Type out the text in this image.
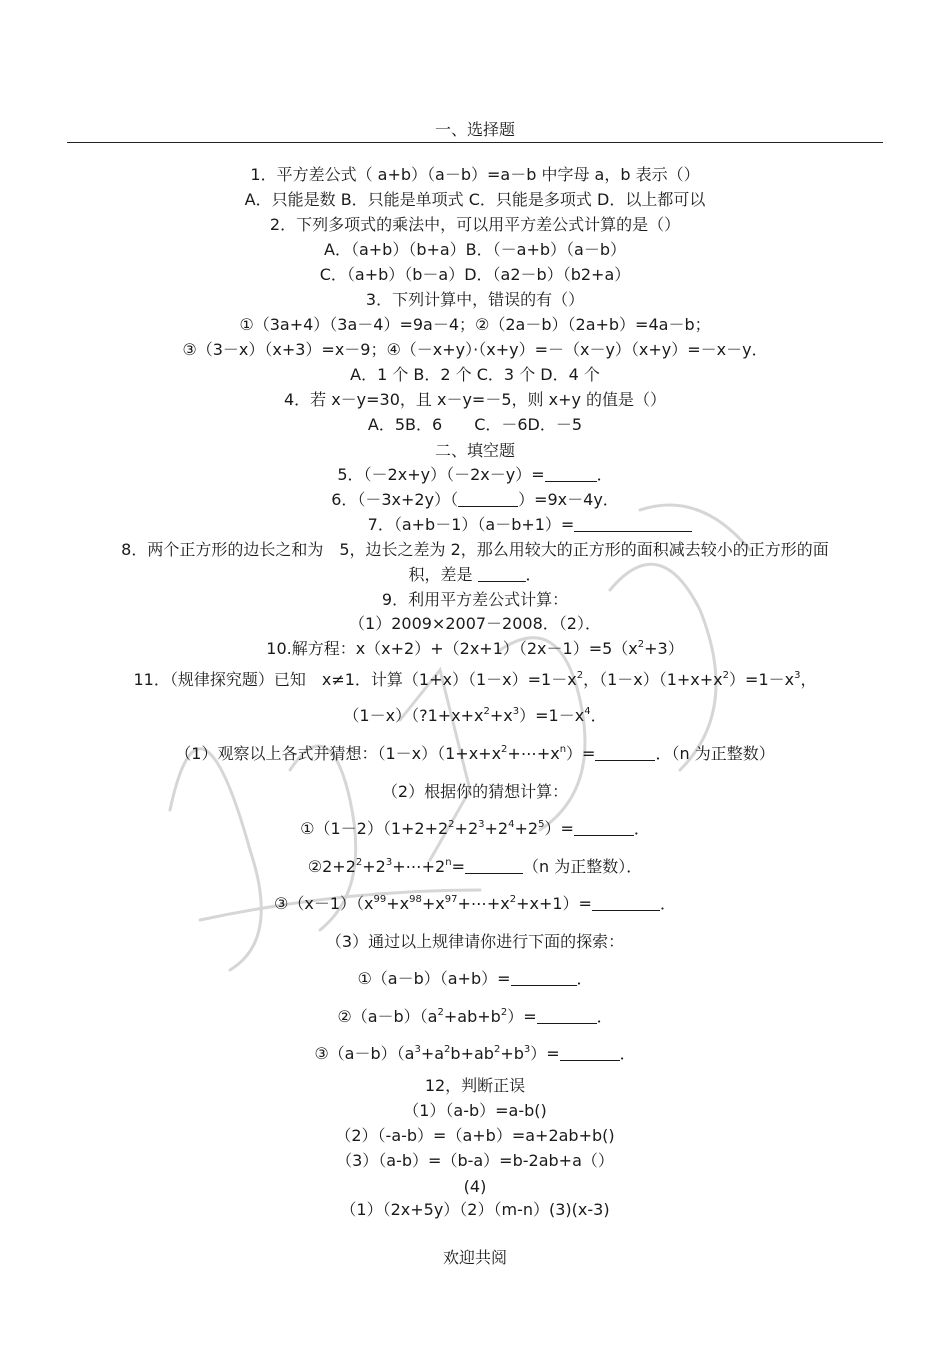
一、选择题
1．平方差公式（ a+b）（a－b）=a－b 中字母 a，b 表示（）
A．只能是数 B．只能是单项式 C．只能是多项式 D．以上都可以
2．下列多项式的乘法中，可以用平方差公式计算的是（）
A．（a+b）（b+a）B．（－a+b）（a－b）
C．（a+b）（b－a）D．（a2－b）（b2+a）
3．下列计算中，错误的有（）
①（3a+4）（3a－4）=9a－4；②（2a－b）（2a+b）=4a－b；
③（3－x）（x+3）=x－9；④（－x+y）·（x+y）=－（x－y）（x+y）=－x－y．
A．1 个 B．2 个 C．3 个 D．4 个
4．若 x－y=30，且 x－y=－5，则 x+y 的值是（）
A．5B．6　　C．－6D．－5
二、填空题
5．（－2x+y）（－2x－y）=	．
6．（－3x+2y）（	）=9x－4y．
7．（a+b－1）（a－b+1）=
8．两个正方形的边长之和为　5，边长之差为 2，那么用较大的正方形的面积减去较小的正方形的面
积，差是	．
9．利用平方差公式计算：
（1）2009×2007－2008．（2）．
10.解方程：$x(x+2)+(2x+1)(2x-1)=5(x^2+3)$
11．（规律探究题）已知　x≠1．计算$(1+x)(1-x)=1-x^2$，$(1-x)(1+x+x^2)=1-x^3$，
$(1-x)(?1+x+x^2+x^3)=1-x^4$．
（1）观察以上各式并猜想：$(1-x)(1+x+x^2+\cdots+x^n)=$	．（n 为正整数）
（2）根据你的猜想计算：
$①(1-2)(1+2+2^2+2^3+2^4+2^5)=$	．
$②2+2^2+2^3+\cdots+2^n=$	（n 为正整数）．
$③(x-1)(x^{99}+x^{98}+x^{97}+\cdots+x^2+x+1)=$	．
（3）通过以上规律请你进行下面的探索：
①（a－b）（a+b）=	．
$②(a-b)(a^2+ab+b^2)=$	．
$③(a-b)(a^3+a^2b+ab^2+b^3)=$	．
12，判断正误
（1）（a-b）=a-b()
（2）（-a-b）=（a+b）=a+2ab+b()
（3）（a-b）=（b-a）=b-2ab+a（）
(4)
（1）（2x+5y）（2）（m-n）(3)(x-3)
欢迎共阅
